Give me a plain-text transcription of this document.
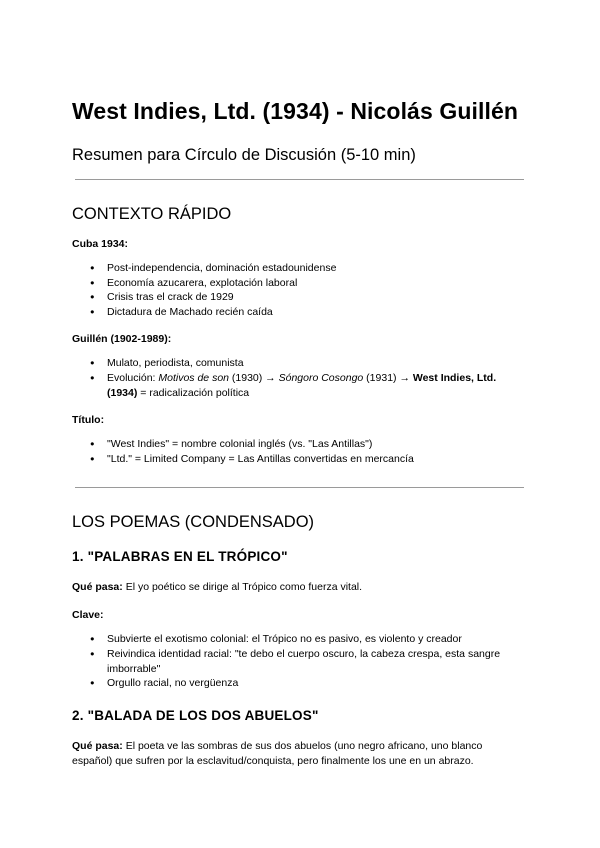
West Indies, Ltd. (1934) - Nicolás Guillén
Resumen para Círculo de Discusión (5-10 min)
CONTEXTO RÁPIDO
Cuba 1934:
● Post-independencia, dominación estadounidense
● Economía azucarera, explotación laboral
● Crisis tras el crack de 1929
● Dictadura de Machado recién caída
Guillén (1902-1989):
● Mulato, periodista, comunista
● Evolución: Motivos de son (1930) → Sóngoro Cosongo (1931) → West Indies, Ltd. (1934) = radicalización política
Título:
● "West Indies" = nombre colonial inglés (vs. "Las Antillas")
● "Ltd." = Limited Company = Las Antillas convertidas en mercancía
LOS POEMAS (CONDENSADO)
1. "PALABRAS EN EL TRÓPICO"

Qué pasa: El yo poético se dirige al Trópico como fuerza vital.

Clave:
● Subvierte el exotismo colonial: el Trópico no es pasivo, es violento y creador
● Reivindica identidad racial: "te debo el cuerpo oscuro, la cabeza crespa, esta sangre imborrable"
● Orgullo racial, no vergüenza
2. "BALADA DE LOS DOS ABUELOS"

Qué pasa: El poeta ve las sombras de sus dos abuelos (uno negro africano, uno blanco español) que sufren por la esclavitud/conquista, pero finalmente los une en un abrazo.
